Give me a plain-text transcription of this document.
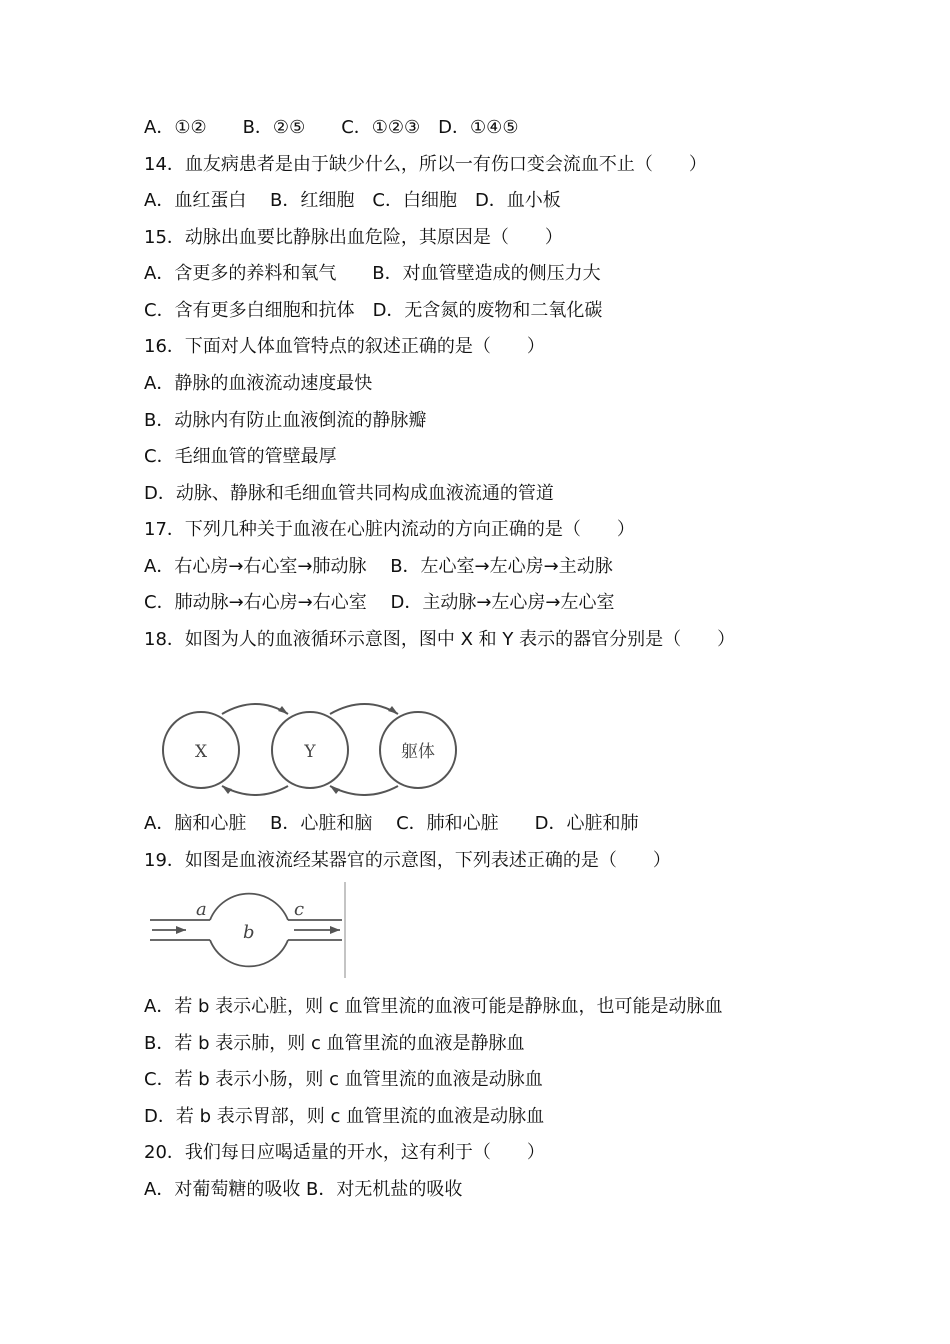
A．①②　　B．②⑤　　C．①②③　D．①④⑤
14．血友病患者是由于缺少什么，所以一有伤口变会流血不止（　　）
A．血红蛋白　 B．红细胞　C．白细胞　D．血小板
15．动脉出血要比静脉出血危险，其原因是（　　）
A．含更多的养料和氧气　　B．对血管壁造成的侧压力大
C．含有更多白细胞和抗体　D．无含氮的废物和二氧化碳
16．下面对人体血管特点的叙述正确的是（　　）
A．静脉的血液流动速度最快
B．动脉内有防止血液倒流的静脉瓣
C．毛细血管的管壁最厚
D．动脉、静脉和毛细血管共同构成血液流通的管道
17．下列几种关于血液在心脏内流动的方向正确的是（　　）
A．右心房→右心室→肺动脉　 B．左心室→左心房→主动脉
C．肺动脉→右心房→右心室　 D．主动脉→左心房→左心室
18．如图为人的血液循环示意图，图中 X 和 Y 表示的器官分别是（　　）
X	Y	躯体
A．脑和心脏　 B．心脏和脑　 C．肺和心脏　　D．心脏和肺
19．如图是血液流经某器官的示意图，下列表述正确的是（　　）
a
b
c
A．若 b 表示心脏，则 c 血管里流的血液可能是静脉血，也可能是动脉血
B．若 b 表示肺，则 c 血管里流的血液是静脉血
C．若 b 表示小肠，则 c 血管里流的血液是动脉血
D．若 b 表示胃部，则 c 血管里流的血液是动脉血
20．我们每日应喝适量的开水，这有利于（　　）
A．对葡萄糖的吸收 B．对无机盐的吸收
